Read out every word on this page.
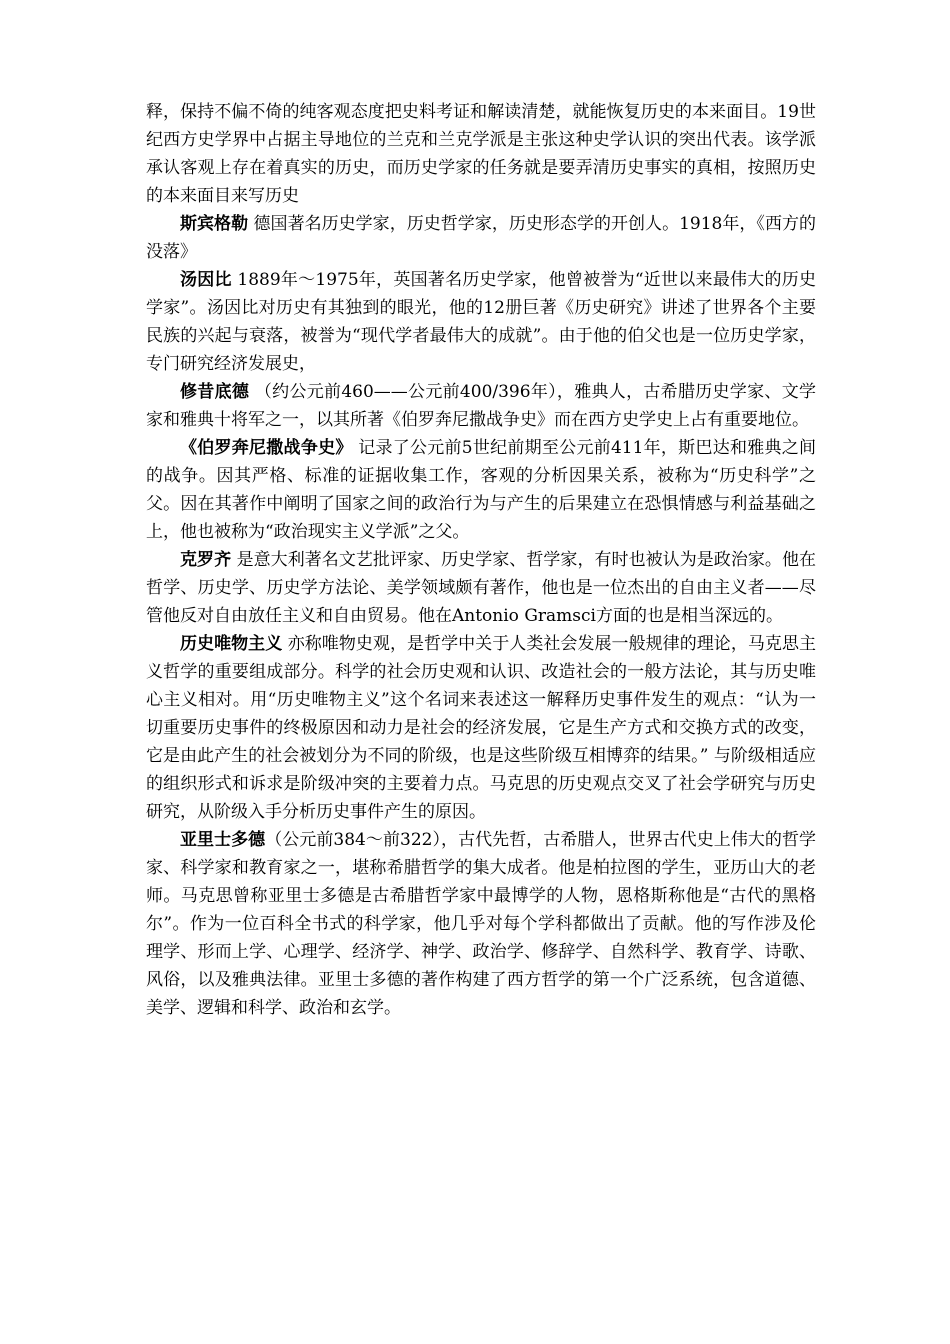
释，保持不偏不倚的纯客观态度把史料考证和解读清楚，就能恢复历史的本来面目。19世纪西方史学界中占据主导地位的兰克和兰克学派是主张这种史学认识的突出代表。该学派承认客观上存在着真实的历史，而历史学家的任务就是要弄清历史事实的真相，按照历史的本来面目来写历史

斯宾格勒 德国著名历史学家，历史哲学家，历史形态学的开创人。1918年，《西方的没落》

汤因比 1889年～1975年，英国著名历史学家，他曾被誉为“近世以来最伟大的历史学家”。汤因比对历史有其独到的眼光，他的12册巨著《历史研究》讲述了世界各个主要民族的兴起与衰落，被誉为“现代学者最伟大的成就”。由于他的伯父也是一位历史学家，专门研究经济发展史，

修昔底德 （约公元前460——公元前400/396年），雅典人，古希腊历史学家、文学家和雅典十将军之一，以其所著《伯罗奔尼撒战争史》而在西方史学史上占有重要地位。

《伯罗奔尼撒战争史》 记录了公元前5世纪前期至公元前411年，斯巴达和雅典之间的战争。因其严格、标准的证据收集工作，客观的分析因果关系，被称为“历史科学”之父。因在其著作中阐明了国家之间的政治行为与产生的后果建立在恐惧情感与利益基础之上，他也被称为“政治现实主义学派”之父。

克罗齐 是意大利著名文艺批评家、历史学家、哲学家，有时也被认为是政治家。他在哲学、历史学、历史学方法论、美学领域颇有著作，他也是一位杰出的自由主义者——尽管他反对自由放任主义和自由贸易。他在Antonio Gramsci方面的也是相当深远的。

历史唯物主义 亦称唯物史观，是哲学中关于人类社会发展一般规律的理论，马克思主义哲学的重要组成部分。科学的社会历史观和认识、改造社会的一般方法论，其与历史唯心主义相对。用“历史唯物主义”这个名词来表述这一解释历史事件发生的观点：“认为一切重要历史事件的终极原因和动力是社会的经济发展，它是生产方式和交换方式的改变，它是由此产生的社会被划分为不同的阶级，也是这些阶级互相博弈的结果。” 与阶级相适应的组织形式和诉求是阶级冲突的主要着力点。马克思的历史观点交叉了社会学研究与历史研究，从阶级入手分析历史事件产生的原因。

亚里士多德（公元前384～前322），古代先哲，古希腊人，世界古代史上伟大的哲学家、科学家和教育家之一，堪称希腊哲学的集大成者。他是柏拉图的学生，亚历山大的老师。马克思曾称亚里士多德是古希腊哲学家中最博学的人物，恩格斯称他是“古代的黑格尔”。作为一位百科全书式的科学家，他几乎对每个学科都做出了贡献。他的写作涉及伦理学、形而上学、心理学、经济学、神学、政治学、修辞学、自然科学、教育学、诗歌、风俗，以及雅典法律。亚里士多德的著作构建了西方哲学的第一个广泛系统，包含道德、美学、逻辑和科学、政治和玄学。
